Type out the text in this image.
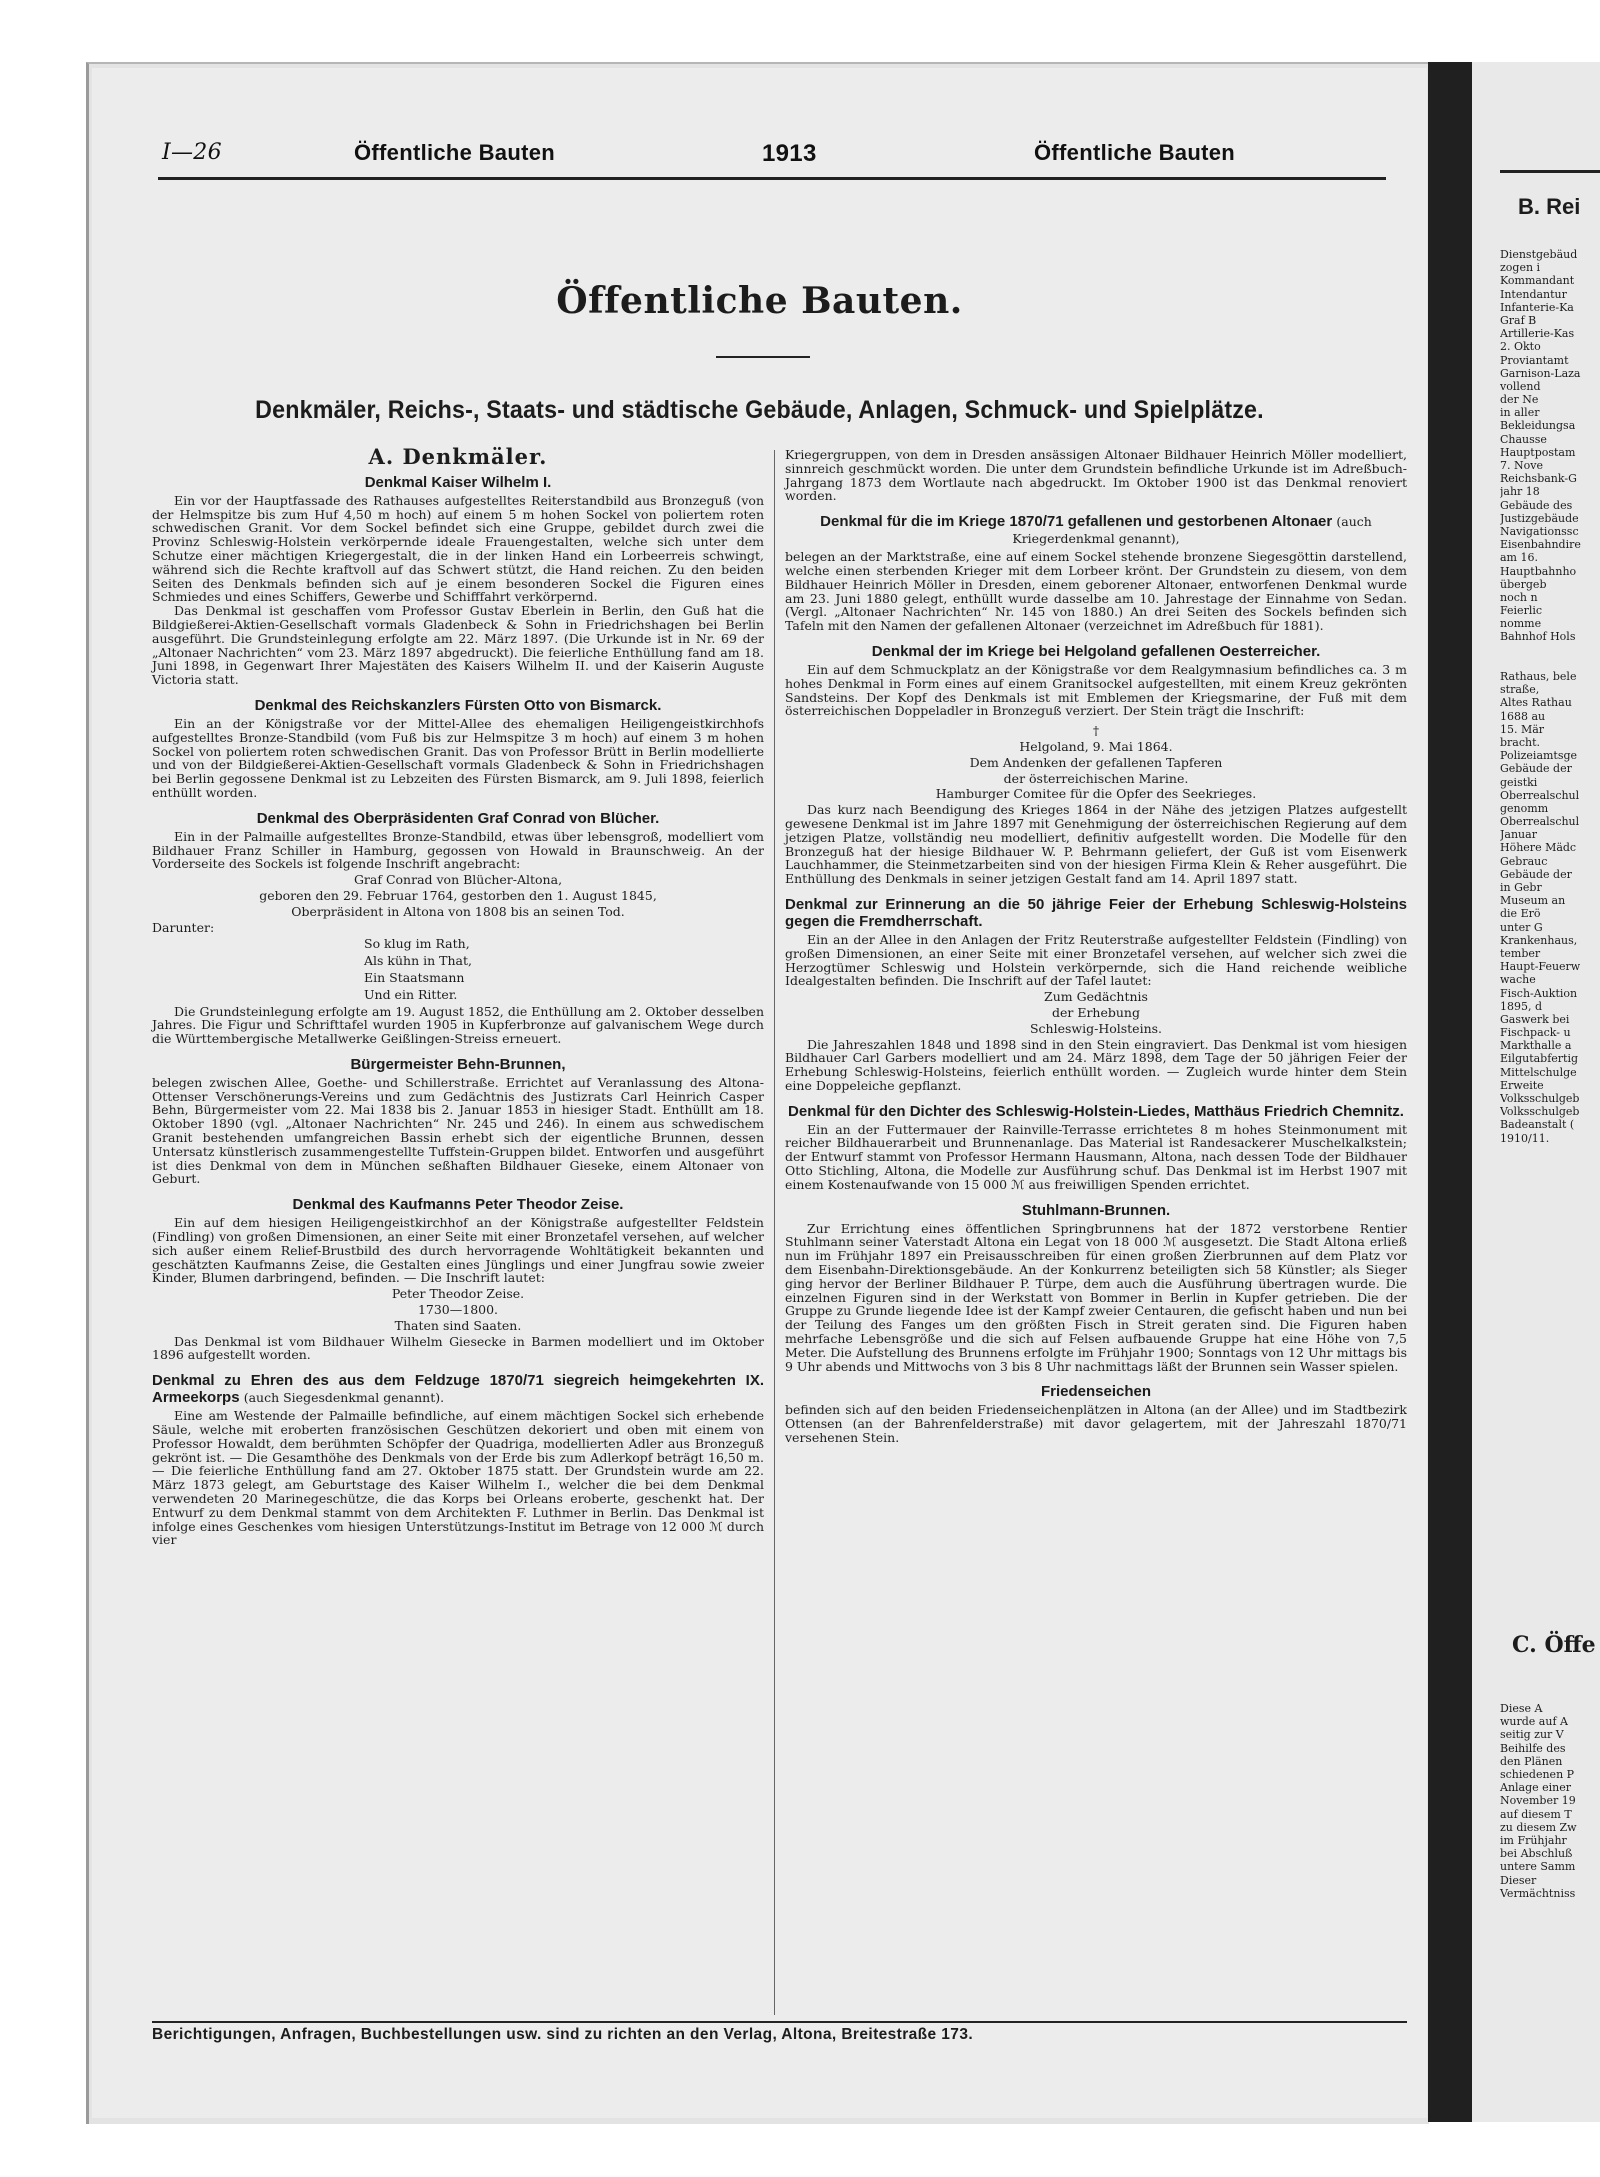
I—26	Öffentliche Bauten	1913	Öffentliche Bauten
Öffentliche Bauten.
Denkmäler, Reichs-, Staats- und städtische Gebäude, Anlagen, Schmuck- und Spielplätze.
A. Denkmäler.
Denkmal Kaiser Wilhelm I.

Ein vor der Hauptfassade des Rathauses aufgestelltes Reiterstandbild aus Bronzeguß (von der Helmspitze bis zum Huf 4,50 m hoch) auf einem 5 m hohen Sockel von poliertem roten schwedischen Granit. Vor dem Sockel befindet sich eine Gruppe, gebildet durch zwei die Provinz Schleswig-Holstein verkörpernde ideale Frauengestalten, welche sich unter dem Schutze einer mächtigen Kriegergestalt, die in der linken Hand ein Lorbeerreis schwingt, während sich die Rechte kraftvoll auf das Schwert stützt, die Hand reichen. Zu den beiden Seiten des Denkmals befinden sich auf je einem besonderen Sockel die Figuren eines Schmiedes und eines Schiffers, Gewerbe und Schifffahrt verkörpernd.

Das Denkmal ist geschaffen vom Professor Gustav Eberlein in Berlin, den Guß hat die Bildgießerei-Aktien-Gesellschaft vormals Gladenbeck & Sohn in Friedrichshagen bei Berlin ausgeführt. Die Grundsteinlegung erfolgte am 22. März 1897. (Die Urkunde ist in Nr. 69 der „Altonaer Nachrichten“ vom 23. März 1897 abgedruckt). Die feierliche Enthüllung fand am 18. Juni 1898, in Gegenwart Ihrer Majestäten des Kaisers Wilhelm II. und der Kaiserin Auguste Victoria statt.

Denkmal des Reichskanzlers Fürsten Otto von Bismarck.

Ein an der Königstraße vor der Mittel-Allee des ehemaligen Heiligengeistkirchhofs aufgestelltes Bronze-Standbild (vom Fuß bis zur Helmspitze 3 m hoch) auf einem 3 m hohen Sockel von poliertem roten schwedischen Granit. Das von Professor Brütt in Berlin modellierte und von der Bildgießerei-Aktien-Gesellschaft vormals Gladenbeck & Sohn in Friedrichshagen bei Berlin gegossene Denkmal ist zu Lebzeiten des Fürsten Bismarck, am 9. Juli 1898, feierlich enthüllt worden.

Denkmal des Oberpräsidenten Graf Conrad von Blücher.

Ein in der Palmaille aufgestelltes Bronze-Standbild, etwas über lebensgroß, modelliert vom Bildhauer Franz Schiller in Hamburg, gegossen von Howald in Braunschweig. An der Vorderseite des Sockels ist folgende Inschrift angebracht:

Graf Conrad von Blücher-Altona,
geboren den 29. Februar 1764, gestorben den 1. August 1845,
Oberpräsident in Altona von 1808 bis an seinen Tod.

Darunter:

So klug im Rath,
Als kühn in That,
Ein Staatsmann
Und ein Ritter.

Die Grundsteinlegung erfolgte am 19. August 1852, die Enthüllung am 2. Oktober desselben Jahres. Die Figur und Schrifttafel wurden 1905 in Kupferbronze auf galvanischem Wege durch die Württembergische Metallwerke Geißlingen-Streiss erneuert.

Bürgermeister Behn-Brunnen,

belegen zwischen Allee, Goethe- und Schillerstraße. Errichtet auf Veranlassung des Altona-Ottenser Verschönerungs-Vereins und zum Gedächtnis des Justizrats Carl Heinrich Casper Behn, Bürgermeister vom 22. Mai 1838 bis 2. Januar 1853 in hiesiger Stadt. Enthüllt am 18. Oktober 1890 (vgl. „Altonaer Nachrichten“ Nr. 245 und 246). In einem aus schwedischem Granit bestehenden umfangreichen Bassin erhebt sich der eigentliche Brunnen, dessen Untersatz künstlerisch zusammengestellte Tuffstein-Gruppen bildet. Entworfen und ausgeführt ist dies Denkmal von dem in München seßhaften Bildhauer Gieseke, einem Altonaer von Geburt.

Denkmal des Kaufmanns Peter Theodor Zeise.

Ein auf dem hiesigen Heiligengeistkirchhof an der Königstraße aufgestellter Feldstein (Findling) von großen Dimensionen, an einer Seite mit einer Bronzetafel versehen, auf welcher sich außer einem Relief-Brustbild des durch hervorragende Wohltätigkeit bekannten und geschätzten Kaufmanns Zeise, die Gestalten eines Jünglings und einer Jungfrau sowie zweier Kinder, Blumen darbringend, befinden. — Die Inschrift lautet:

Peter Theodor Zeise.
1730—1800.
Thaten sind Saaten.

Das Denkmal ist vom Bildhauer Wilhelm Giesecke in Barmen modelliert und im Oktober 1896 aufgestellt worden.

Denkmal zu Ehren des aus dem Feldzuge 1870/71 siegreich heimgekehrten IX. Armeekorps (auch Siegesdenkmal genannt).

Eine am Westende der Palmaille befindliche, auf einem mächtigen Sockel sich erhebende Säule, welche mit eroberten französischen Geschützen dekoriert und oben mit einem von Professor Howaldt, dem berühmten Schöpfer der Quadriga, modellierten Adler aus Bronzeguß gekrönt ist. — Die Gesamthöhe des Denkmals von der Erde bis zum Adlerkopf beträgt 16,50 m. — Die feierliche Enthüllung fand am 27. Oktober 1875 statt. Der Grundstein wurde am 22. März 1873 gelegt, am Geburtstage des Kaiser Wilhelm I., welcher die bei dem Denkmal verwendeten 20 Marinegeschütze, die das Korps bei Orleans eroberte, geschenkt hat. Der Entwurf zu dem Denkmal stammt von dem Architekten F. Luthmer in Berlin. Das Denkmal ist infolge eines Geschenkes vom hiesigen Unterstützungs-Institut im Betrage von 12 000 ℳ durch vier

Kriegergruppen, von dem in Dresden ansässigen Altonaer Bildhauer Heinrich Möller modelliert, sinnreich geschmückt worden. Die unter dem Grundstein befindliche Urkunde ist im Adreßbuch-Jahrgang 1873 dem Wortlaute nach abgedruckt. Im Oktober 1900 ist das Denkmal renoviert worden.

Denkmal für die im Kriege 1870/71 gefallenen und gestorbenen Altonaer (auch Kriegerdenkmal genannt),

belegen an der Marktstraße, eine auf einem Sockel stehende bronzene Siegesgöttin darstellend, welche einen sterbenden Krieger mit dem Lorbeer krönt. Der Grundstein zu diesem, von dem Bildhauer Heinrich Möller in Dresden, einem geborener Altonaer, entworfenen Denkmal wurde am 23. Juni 1880 gelegt, enthüllt wurde dasselbe am 10. Jahrestage der Einnahme von Sedan. (Vergl. „Altonaer Nachrichten“ Nr. 145 von 1880.) An drei Seiten des Sockels befinden sich Tafeln mit den Namen der gefallenen Altonaer (verzeichnet im Adreßbuch für 1881).

Denkmal der im Kriege bei Helgoland gefallenen Oesterreicher.

Ein auf dem Schmuckplatz an der Königstraße vor dem Realgymnasium befindliches ca. 3 m hohes Denkmal in Form eines auf einem Granitsockel aufgestellten, mit einem Kreuz gekrönten Sandsteins. Der Kopf des Denkmals ist mit Emblemen der Kriegsmarine, der Fuß mit dem österreichischen Doppeladler in Bronzeguß verziert. Der Stein trägt die Inschrift:

†
Helgoland, 9. Mai 1864.
Dem Andenken der gefallenen Tapferen
der österreichischen Marine.
Hamburger Comitee für die Opfer des Seekrieges.

Das kurz nach Beendigung des Krieges 1864 in der Nähe des jetzigen Platzes aufgestellt gewesene Denkmal ist im Jahre 1897 mit Genehmigung der österreichischen Regierung auf dem jetzigen Platze, vollständig neu modelliert, definitiv aufgestellt worden. Die Modelle für den Bronzeguß hat der hiesige Bildhauer W. P. Behrmann geliefert, der Guß ist vom Eisenwerk Lauchhammer, die Steinmetzarbeiten sind von der hiesigen Firma Klein & Reher ausgeführt. Die Enthüllung des Denkmals in seiner jetzigen Gestalt fand am 14. April 1897 statt.

Denkmal zur Erinnerung an die 50 jährige Feier der Erhebung Schleswig-Holsteins gegen die Fremdherrschaft.

Ein an der Allee in den Anlagen der Fritz Reuterstraße aufgestellter Feldstein (Findling) von großen Dimensionen, an einer Seite mit einer Bronzetafel versehen, auf welcher sich zwei die Herzogtümer Schleswig und Holstein verkörpernde, sich die Hand reichende weibliche Idealgestalten befinden. Die Inschrift auf der Tafel lautet:

Zum Gedächtnis
der Erhebung
Schleswig-Holsteins.

Die Jahreszahlen 1848 und 1898 sind in den Stein eingraviert. Das Denkmal ist vom hiesigen Bildhauer Carl Garbers modelliert und am 24. März 1898, dem Tage der 50 jährigen Feier der Erhebung Schleswig-Holsteins, feierlich enthüllt worden. — Zugleich wurde hinter dem Stein eine Doppeleiche gepflanzt.

Denkmal für den Dichter des Schleswig-Holstein-Liedes, Matthäus Friedrich Chemnitz.

Ein an der Futtermauer der Rainville-Terrasse errichtetes 8 m hohes Steinmonument mit reicher Bildhauerarbeit und Brunnenanlage. Das Material ist Randesackerer Muschelkalkstein; der Entwurf stammt von Professor Hermann Hausmann, Altona, nach dessen Tode der Bildhauer Otto Stichling, Altona, die Modelle zur Ausführung schuf. Das Denkmal ist im Herbst 1907 mit einem Kostenaufwande von 15 000 ℳ aus freiwilligen Spenden errichtet.

Stuhlmann-Brunnen.

Zur Errichtung eines öffentlichen Springbrunnens hat der 1872 verstorbene Rentier Stuhlmann seiner Vaterstadt Altona ein Legat von 18 000 ℳ ausgesetzt. Die Stadt Altona erließ nun im Frühjahr 1897 ein Preisausschreiben für einen großen Zierbrunnen auf dem Platz vor dem Eisenbahn-Direktionsgebäude. An der Konkurrenz beteiligten sich 58 Künstler; als Sieger ging hervor der Berliner Bildhauer P. Türpe, dem auch die Ausführung übertragen wurde. Die einzelnen Figuren sind in der Werkstatt von Bommer in Berlin in Kupfer getrieben. Die der Gruppe zu Grunde liegende Idee ist der Kampf zweier Centauren, die gefischt haben und nun bei der Teilung des Fanges um den größten Fisch in Streit geraten sind. Die Figuren haben mehrfache Lebensgröße und die sich auf Felsen aufbauende Gruppe hat eine Höhe von 7,5 Meter. Die Aufstellung des Brunnens erfolgte im Frühjahr 1900; Sonntags von 12 Uhr mittags bis 9 Uhr abends und Mittwochs von 3 bis 8 Uhr nachmittags läßt der Brunnen sein Wasser spielen.

Friedenseichen

befinden sich auf den beiden Friedenseichenplätzen in Altona (an der Allee) und im Stadtbezirk Ottensen (an der Bahrenfelderstraße) mit davor gelagertem, mit der Jahreszahl 1870/71 versehenen Stein.

Berichtigungen, Anfragen, Buchbestellungen usw. sind zu richten an den Verlag, Altona, Breitestraße 173.
B. Rei
Dienstgebäud
zogen i
Kommandant
Intendantur
Infanterie-Ka
Graf B
Artillerie-Kas
2. Okto
Proviantamt
Garnison-Laza
vollend
der Ne
in aller
Bekleidungsa
Chausse
Hauptpostam
7. Nove
Reichsbank-G
jahr 18
Gebäude des
Justizgebäude
Navigationssc
Eisenbahndire
am 16.
Hauptbahnho
übergeb
noch n
Feierlic
nomme
Bahnhof Hols
Rathaus, bele
straße,
Altes Rathau
1688 au
15. Mär
bracht.
Polizeiamtsge
Gebäude der
geistki
Oberrealschul
genomm
Oberrealschul
Januar
Höhere Mädc
Gebrauc
Gebäude der
in Gebr
Museum an
die Erö
unter G
Krankenhaus,
tember
Haupt-Feuerw
wache
Fisch-Auktion
1895, d
Gaswerk bei
Fischpack- u
Markthalle a
Eilgutabfertig
Mittelschulge
Erweite
Volksschulgeb
Volksschulgeb
Badeanstalt (
1910/11.
C. Öffe
Diese A
wurde auf A
seitig zur V
Beihilfe des
den Plänen
schiedenen P
Anlage einer
November 19
auf diesem T
zu diesem Zw
im Frühjahr
bei Abschluß
untere Samm
Dieser
Vermächtniss
